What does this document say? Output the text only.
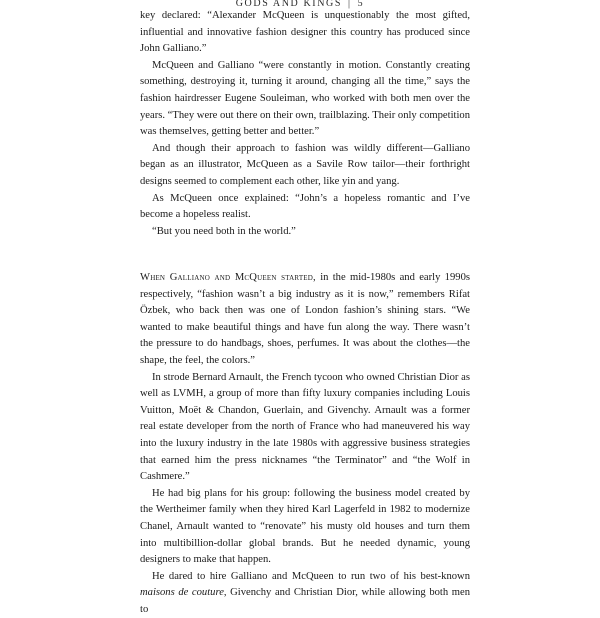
GODS AND KINGS | 5

key declared: “Alexander McQueen is unquestionably the most gifted, influential and innovative fashion designer this country has produced since John Galliano.”

McQueen and Galliano “were constantly in motion. Constantly creating something, destroying it, turning it around, changing all the time,” says the fashion hairdresser Eugene Souleiman, who worked with both men over the years. “They were out there on their own, trailblazing. Their only competition was themselves, getting better and better.”

And though their approach to fashion was wildly different—Galliano began as an illustrator, McQueen as a Savile Row tailor—their forthright designs seemed to complement each other, like yin and yang.

As McQueen once explained: “John’s a hopeless romantic and I’ve become a hopeless realist.

“But you need both in the world.”

When Galliano and McQueen started, in the mid-1980s and early 1990s respectively, “fashion wasn’t a big industry as it is now,” remembers Rifat Özbek, who back then was one of London fashion’s shining stars. “We wanted to make beautiful things and have fun along the way. There wasn’t the pressure to do handbags, shoes, perfumes. It was about the clothes—the shape, the feel, the colors.”

In strode Bernard Arnault, the French tycoon who owned Christian Dior as well as LVMH, a group of more than fifty luxury companies including Louis Vuitton, Moët & Chandon, Guerlain, and Givenchy. Arnault was a former real estate developer from the north of France who had maneuvered his way into the luxury industry in the late 1980s with aggressive business strategies that earned him the press nicknames “the Terminator” and “the Wolf in Cashmere.”

He had big plans for his group: following the business model created by the Wertheimer family when they hired Karl Lagerfeld in 1982 to modernize Chanel, Arnault wanted to “renovate” his musty old houses and turn them into multibillion-dollar global brands. But he needed dynamic, young designers to make that happen.

He dared to hire Galliano and McQueen to run two of his best-known maisons de couture, Givenchy and Christian Dior, while allowing both men to
